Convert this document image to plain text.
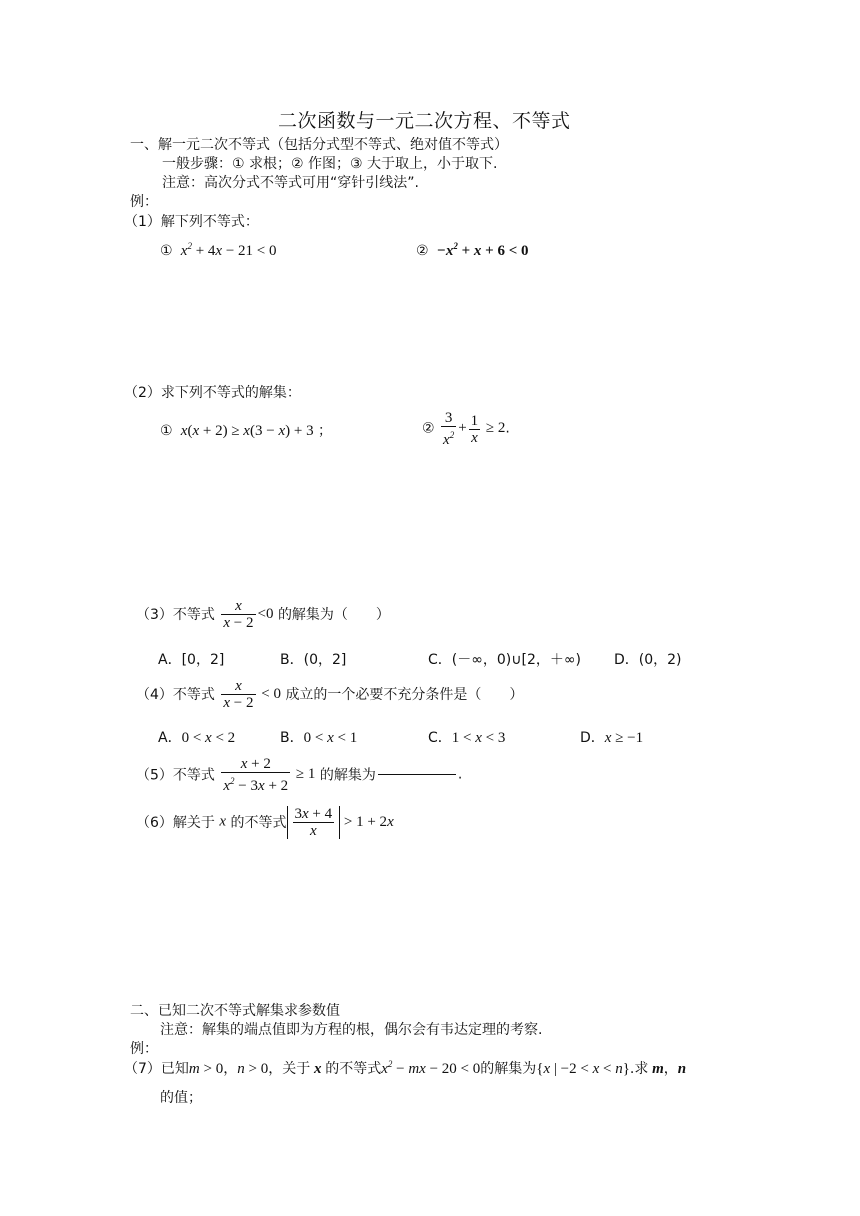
二次函数与一元二次方程、不等式
一、解一元二次不等式（包括分式型不等式、绝对值不等式）
一般步骤：① 求根；② 作图；③ 大于取上，小于取下.
注意：高次分式不等式可用“穿针引线法”.
例：
（1）解下列不等式：
①  $x^2 + 4x - 21 < 0$	②  $-x^2 + x + 6 < 0$
（2）求下列不等式的解集：
①  x(x + 2) ≥ x(3 − x) + 3 ；	② $\frac{3}{x^2} + \frac{1}{x} \ge 2$.
（3）不等式 $\frac{x}{x - 2} <0$ 的解集为（　　）
A．[0，2]	B．(0，2]	C．(－∞，0)∪[2，＋∞) D．(0，2)
（4）不等式 $\frac{x}{x - 2} < 0$ 成立的一个必要不充分条件是（　　）
A．0 < x < 2	B．0 < x < 1	C．1 < x < 3	D．x ≥ −1
（5）不等式 $\frac{x + 2}{x^2 - 3x + 2} \ge 1$ 的解集为	.
（6）解关于 x 的不等式 $\frac{3x + 4}{x} > 1 + 2x$
二、已知二次不等式解集求参数值
注意：解集的端点值即为方程的根，偶尔会有韦达定理的考察.
例：
（7）已知m > 0，n > 0，关于 x 的不等式$x^2$ − mx − 20 < 0的解集为{x | −2 < x < n}.求 m，n
的值；
